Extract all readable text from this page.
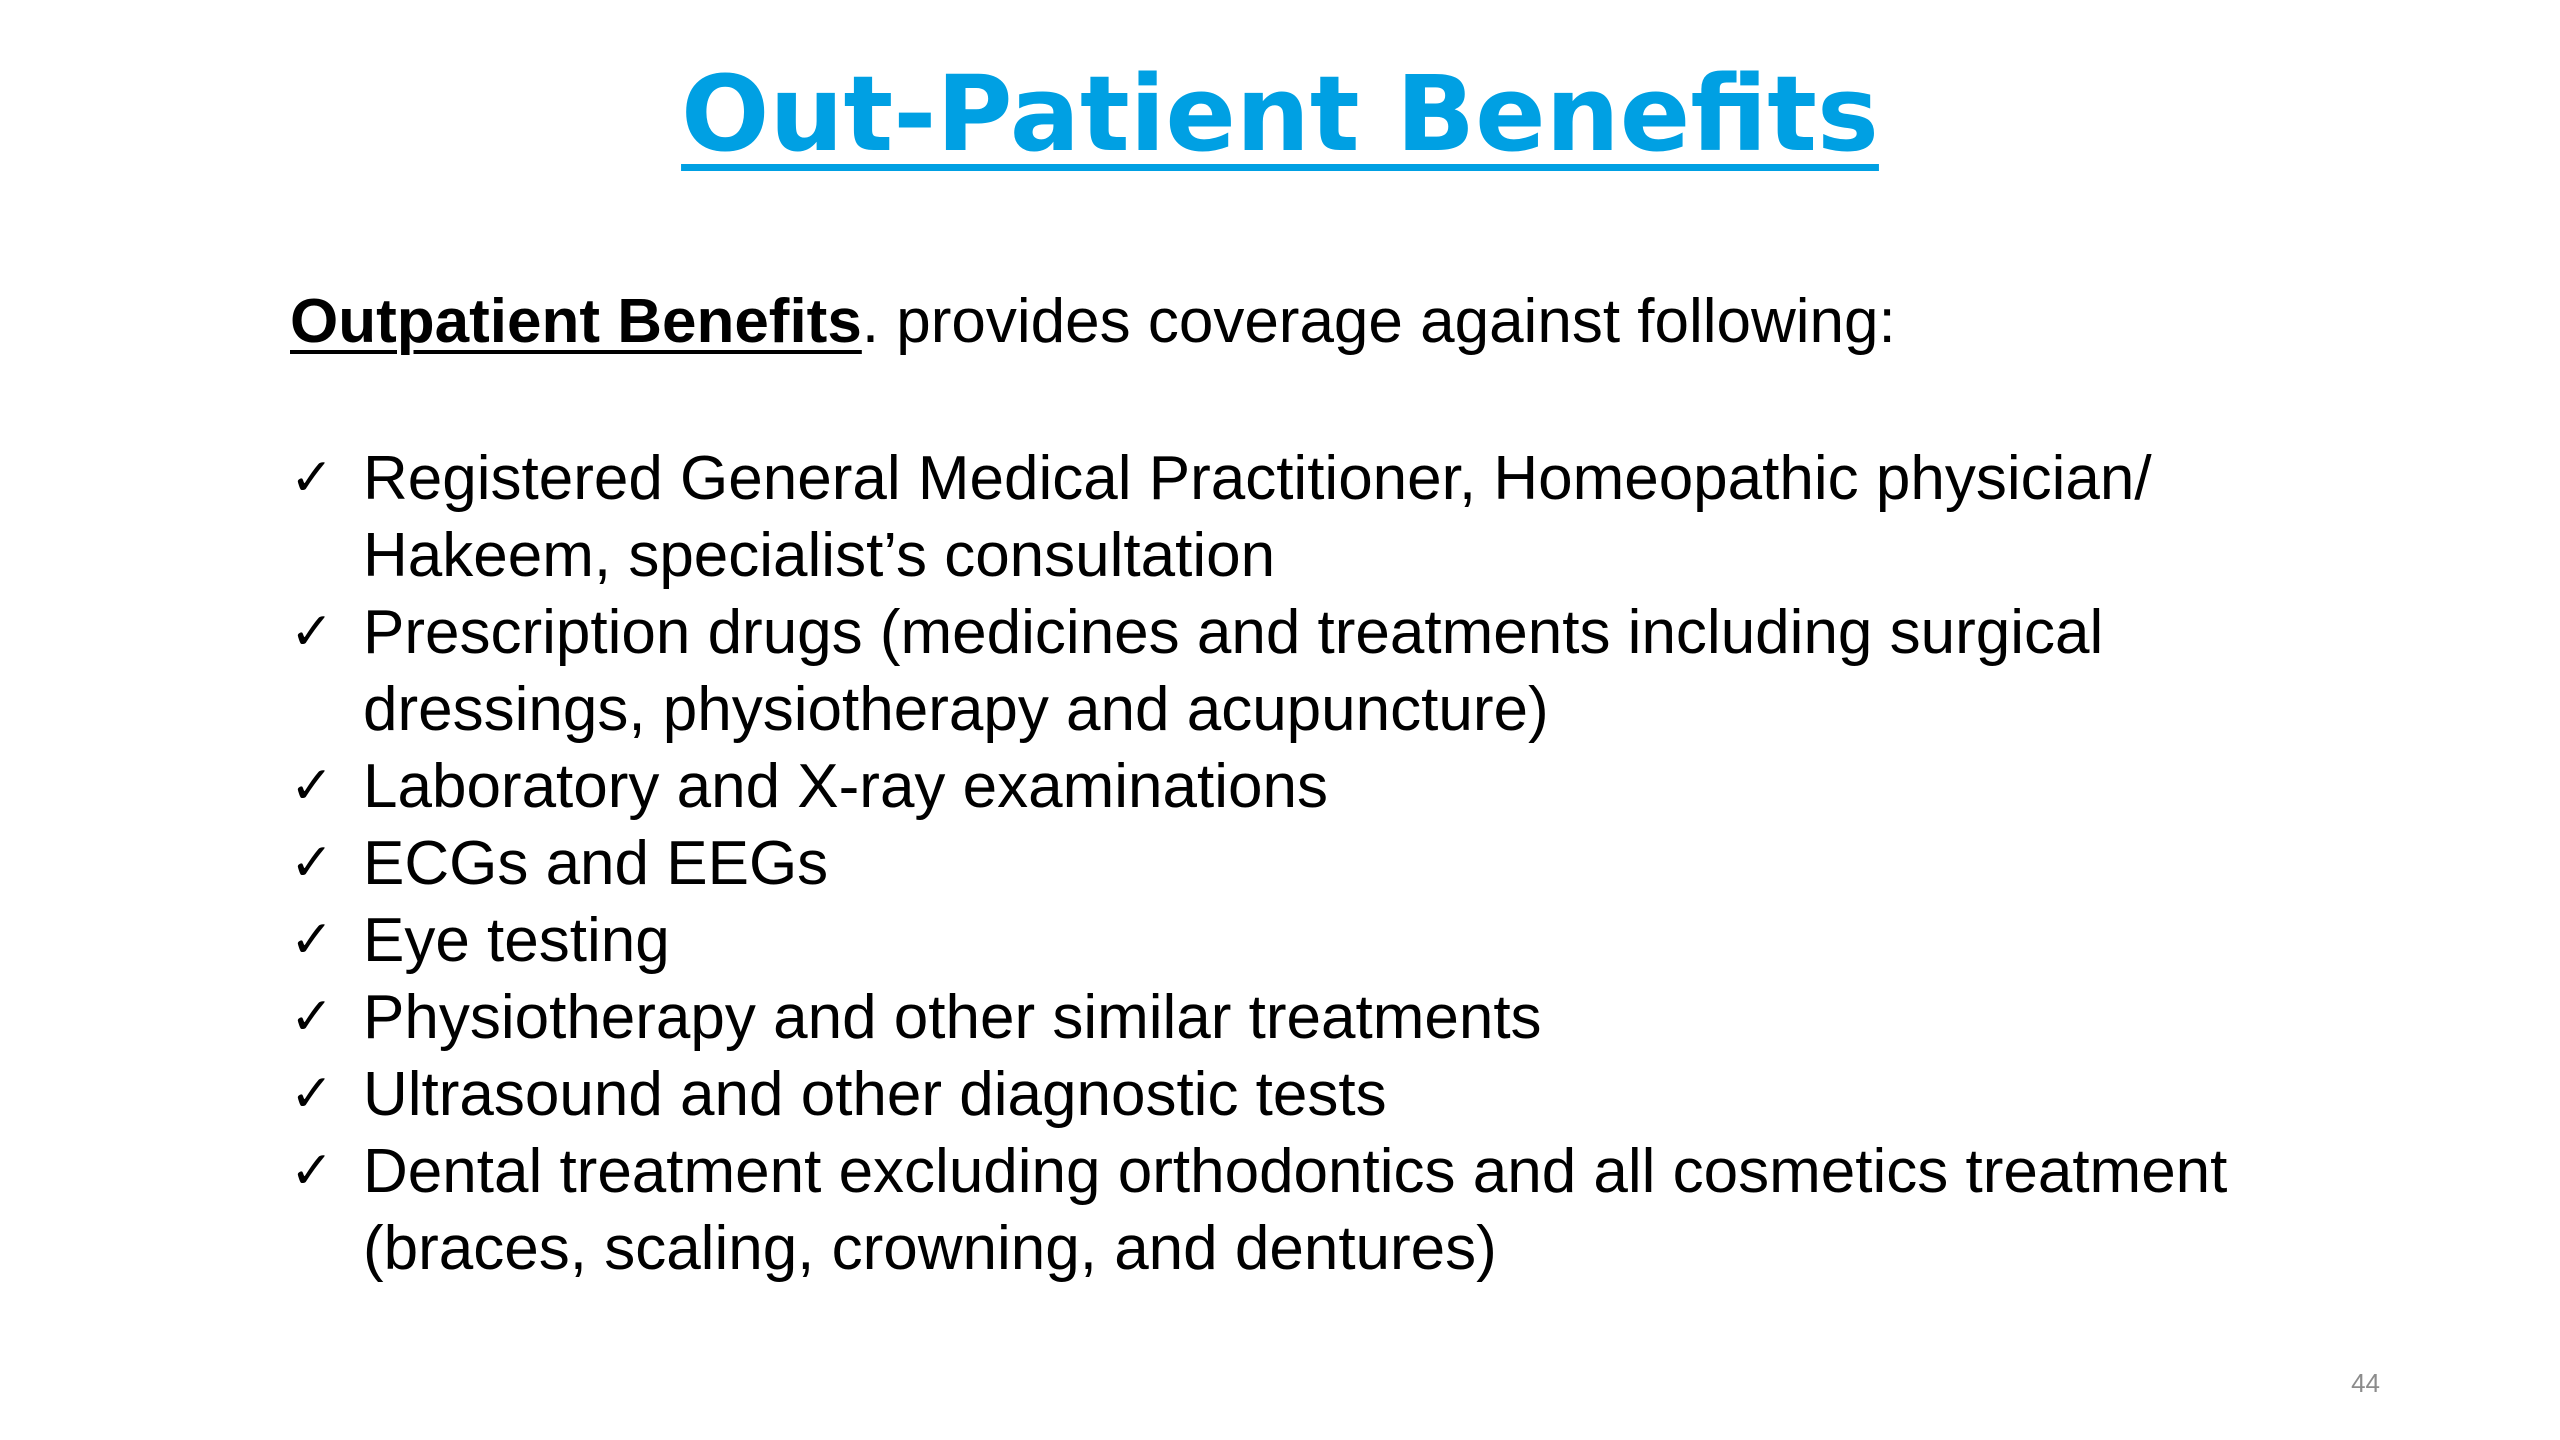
Out-Patient Benefits
Outpatient Benefits. provides coverage against following:
✓ Registered General Medical Practitioner, Homeopathic physician/ Hakeem, specialist’s consultation
✓ Prescription drugs (medicines and treatments including surgical dressings, physiotherapy and acupuncture)
✓ Laboratory and X-ray examinations
✓ ECGs and EEGs
✓ Eye testing
✓ Physiotherapy and other similar treatments
✓ Ultrasound and other diagnostic tests
✓ Dental treatment excluding orthodontics and all cosmetics treatment (braces, scaling, crowning, and dentures)
44
